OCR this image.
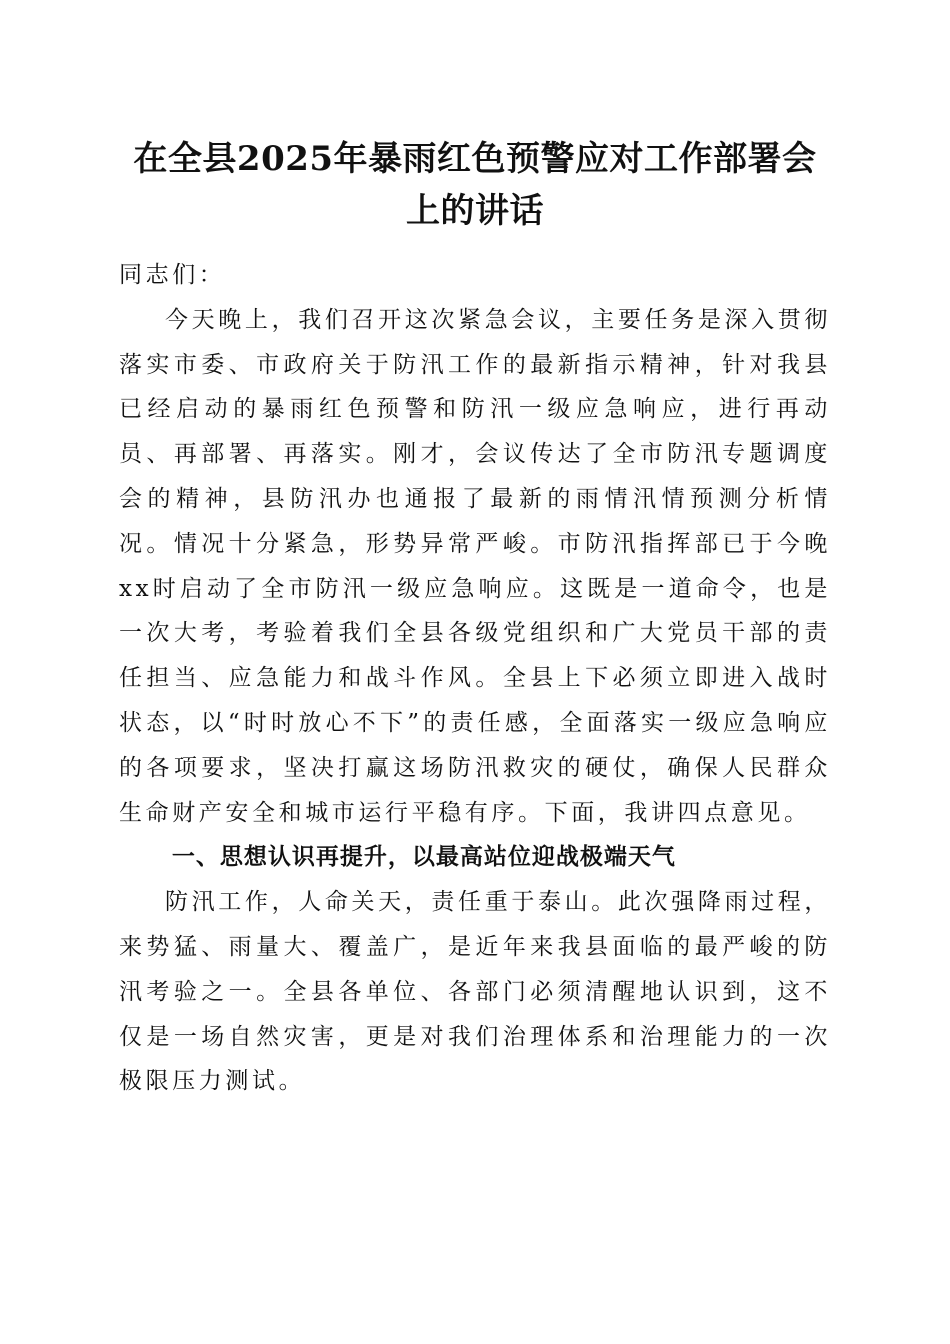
在全县2025年暴雨红色预警应对工作部署会
上的讲话

同志们：

今天晚上，我们召开这次紧急会议，主要任务是深入贯彻落实市委、市政府关于防汛工作的最新指示精神，针对我县已经启动的暴雨红色预警和防汛一级应急响应，进行再动员、再部署、再落实。刚才，会议传达了全市防汛专题调度会的精神，县防汛办也通报了最新的雨情汛情预测分析情况。情况十分紧急，形势异常严峻。市防汛指挥部已于今晚xx时启动了全市防汛一级应急响应。这既是一道命令，也是一次大考，考验着我们全县各级党组织和广大党员干部的责任担当、应急能力和战斗作风。全县上下必须立即进入战时状态，以“时时放心不下”的责任感，全面落实一级应急响应的各项要求，坚决打赢这场防汛救灾的硬仗，确保人民群众生命财产安全和城市运行平稳有序。下面，我讲四点意见。

一、思想认识再提升，以最高站位迎战极端天气

防汛工作，人命关天，责任重于泰山。此次强降雨过程，来势猛、雨量大、覆盖广，是近年来我县面临的最严峻的防汛考验之一。全县各单位、各部门必须清醒地认识到，这不仅是一场自然灾害，更是对我们治理体系和治理能力的一次极限压力测试。
